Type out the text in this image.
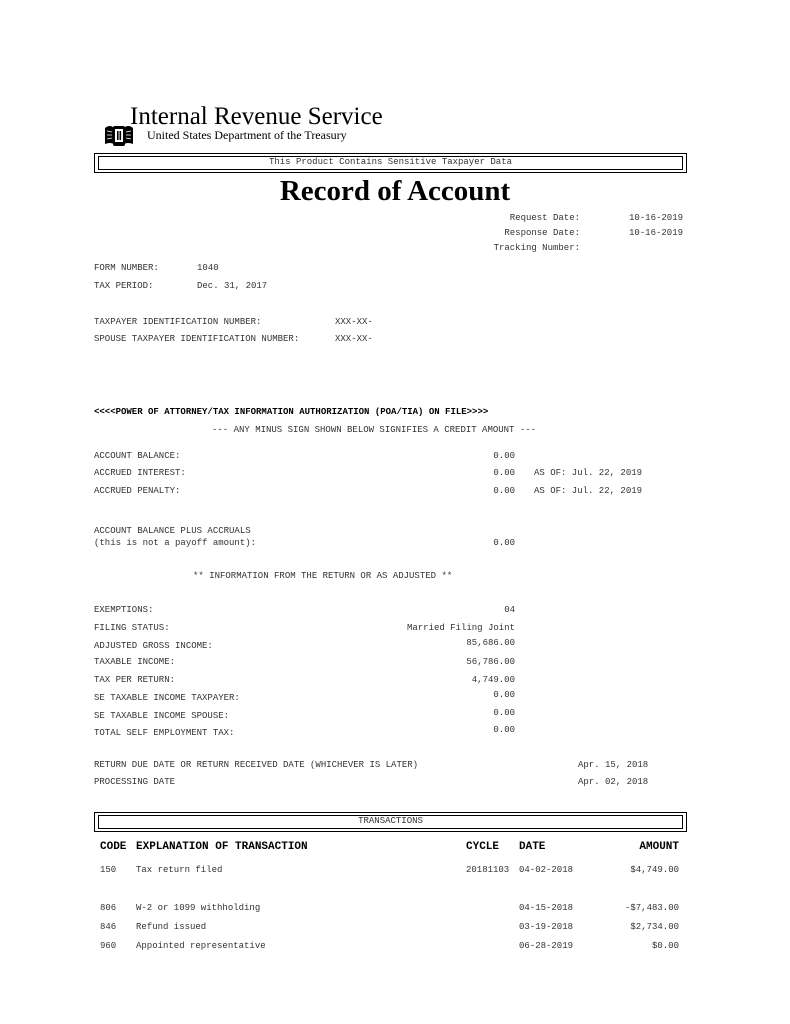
Internal Revenue Service
United States Department of the Treasury
This Product Contains Sensitive Taxpayer Data
Record of Account
Request Date:	10-16-2019
Response Date:	10-16-2019
Tracking Number:
FORM NUMBER:	1040
TAX PERIOD:	Dec. 31, 2017
TAXPAYER IDENTIFICATION NUMBER:	XXX-XX-
SPOUSE TAXPAYER IDENTIFICATION NUMBER:	XXX-XX-
<<<<POWER OF ATTORNEY/TAX INFORMATION AUTHORIZATION (POA/TIA) ON FILE>>>>
--- ANY MINUS SIGN SHOWN BELOW SIGNIFIES A CREDIT AMOUNT ---
ACCOUNT BALANCE:	0.00
ACCRUED INTEREST:	0.00 AS OF: Jul. 22, 2019
ACCRUED PENALTY:	0.00 AS OF: Jul. 22, 2019
ACCOUNT BALANCE PLUS ACCRUALS
(this is not a payoff amount):	0.00
** INFORMATION FROM THE RETURN OR AS ADJUSTED **
EXEMPTIONS:	04
FILING STATUS:	Married Filing Joint
ADJUSTED GROSS INCOME:	85,686.00
TAXABLE INCOME:	56,786.00
TAX PER RETURN:	4,749.00
SE TAXABLE INCOME TAXPAYER:	0.00
SE TAXABLE INCOME SPOUSE:	0.00
TOTAL SELF EMPLOYMENT TAX:	0.00
RETURN DUE DATE OR RETURN RECEIVED DATE (WHICHEVER IS LATER)	Apr. 15, 2018
PROCESSING DATE	Apr. 02, 2018
TRANSACTIONS
CODE EXPLANATION OF TRANSACTION	CYCLE DATE	AMOUNT
150 Tax return filed	20181103 04-02-2018	$4,749.00
806 W-2 or 1099 withholding	04-15-2018	-$7,483.00
846 Refund issued	03-19-2018	$2,734.00
960 Appointed representative	06-28-2019	$0.00
